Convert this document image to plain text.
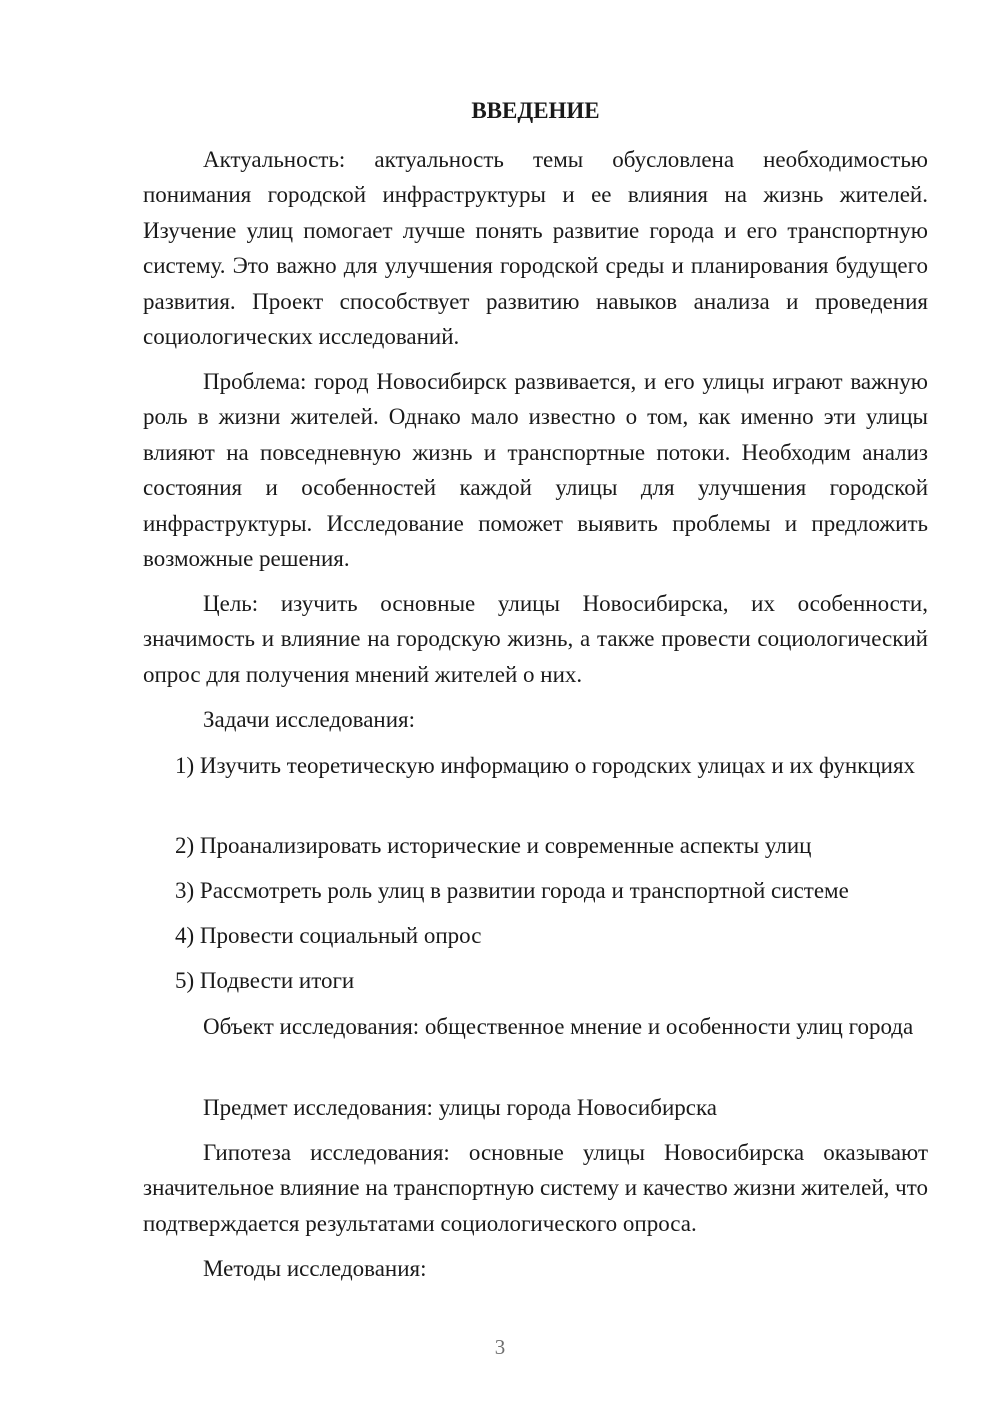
ВВЕДЕНИЕ

Актуальность: актуальность темы обусловлена необходимостью понимания городской инфраструктуры и ее влияния на жизнь жителей. Изучение улиц помогает лучше понять развитие города и его транспортную систему. Это важно для улучшения городской среды и планирования будущего развития. Проект способствует развитию навыков анализа и проведения социологических исследований.

Проблема: город Новосибирск развивается, и его улицы играют важную роль в жизни жителей. Однако мало известно о том, как именно эти улицы влияют на повседневную жизнь и транспортные потоки. Необходим анализ состояния и особенностей каждой улицы для улучшения городской инфраструктуры. Исследование поможет выявить проблемы и предложить возможные решения.

Цель: изучить основные улицы Новосибирска, их особенности, значимость и влияние на городскую жизнь, а также провести социологический опрос для получения мнений жителей о них.

Задачи исследования:

1) Изучить теоретическую информацию о городских улицах и их функциях

2) Проанализировать исторические и современные аспекты улиц

3) Рассмотреть роль улиц в развитии города и транспортной системе

4) Провести социальный опрос

5) Подвести итоги

Объект исследования: общественное мнение и особенности улиц города

Предмет исследования: улицы города Новосибирска

Гипотеза исследования: основные улицы Новосибирска оказывают значительное влияние на транспортную систему и качество жизни жителей, что подтверждается результатами социологического опроса.

Методы исследования:

3
